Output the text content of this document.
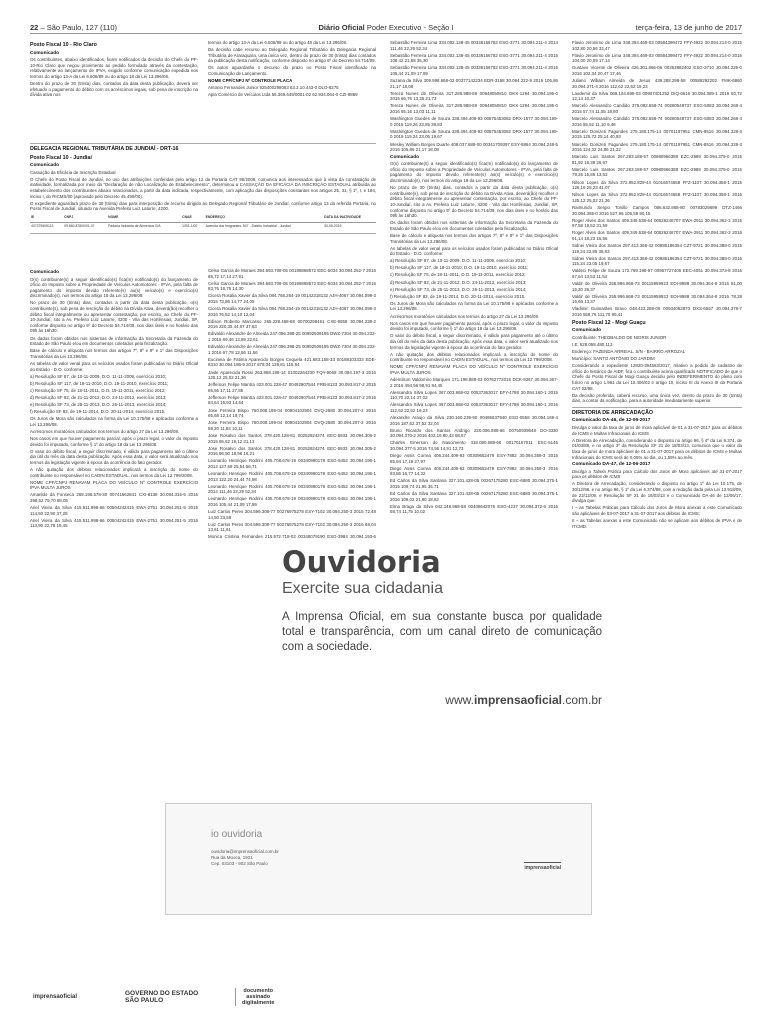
22 – São Paulo, 127 (110)	Diário Oficial Poder Executivo - Seção I	terça-feira, 13 de junho de 2017
Posto Fiscal 10 - Rio Claro
Comunicado

Os contribuintes, abaixo identificados, ficam notificados da decisão do Chefe do PF-10-Rio Claro que negou provimento ao pedido formulado através da contestação, relativamente ao lançamento de IPVA, exigido conforme comunicação expedida nos termos do artigo 13-A da Lei 6.606/89 ou do artigo 18 da Lei 13.296/08.

Dentro do prazo de 30 (trinta) dias, contados da data desta publicação, deverá ser efetuado o pagamento do débito com os acréscimos legais, sob pena de inscrição na dívida ativa nos

termos do artigo 13-A da Lei 6.606/89 ou do artigo 48 da Lei 13.296/08.

Da decisão cabe recurso ao Delegado Regional Tributário da Delegacia Regional Tributária de Araraquara, uma única vez, dentro do prazo de 30 (trinta) dias contados da publicação desta notificação, conforme disposto no artigo 6º do Decreto 54.714/09.

Os autos aguardarão o decurso do prazo no Posto Fiscal identificado na Comunicação de Lançamento.

NOME CPF/CNPJ Nº CONTROLE PLACA

Antonio Fernandes Junior 925400298063 63.2.10.443-0 DLO-8275

Apia Comércio de Veículos Ltda 56.369.649/0001-02 62.934.064-0 CZI-8869

DELEGACIA REGIONAL TRIBUTÁRIA DE JUNDIAÍ - DRT-16
Posto Fiscal 10 - Jundiaí
Comunicado

Cassação da Eficácia de Inscrição Estadual

O Chefe do Posto Fiscal de Jundiaí, no uso das atribuições conferidas pelo artigo 12 da Portaria CAT 95/2006, comunica aos interessados que à vista da constatação de inatividade, formalizada por meio da "Declaração de não Localização de Estabelecimento", determinou a CASSAÇÃO DA EFICÁCIA DA INSCRIÇÃO ESTADUAL atribuída ao estabelecimento dos contribuintes abaixo relacionados, a partir da data indicada, respectivamente, com aplicação das disposições constantes nos artigos 25, 31, § 1º, I, e 184, inciso I, do RICMS/00 (aprovado pelo Decreto 45.490/00).

O expediente aguardará prazo de 30 (trinta) dias para interposição de recurso dirigido ao Delegado Regional Tributário de Jundiaí, conforme artigo 13 da referida Portaria, no Posto Fiscal de Jundiaí, situado na Avenida Prefeito Luiz Latorre, 4200.

IE	CNPJ	NOME	CNAE	ENDEREÇO	DATA DA INATIVIDADE
407379505113	09.660.878/0001-07	Padaria Industria de Alimentos S/A	1091-1/02	Avenida dos Imigrantes, 547 - Distrito Industrial - Jundiaí	30-05-2016
Comunicado

O(s) contribuinte(s) a seguir identificado(s) fica(m) notificado(s) do lançamento de ofício do Imposto sobre a Propriedade de Veículos Automotores - IPVA, pela falta de pagamento do imposto devido referente(s) ao(s) veículo(s) e exercício(s) discriminado(s), nos termos do artigo 18 da Lei 13.296/08.

No prazo de 30 (trinta) dias, contados a partir da data desta publicação, o(s) contribuinte(s), sob pena de inscrição do débito na Dívida Ativa, deverá(ão) recolher o débito fiscal integralmente ou apresentar contestação, por escrito, ao Chefe do PF-10-Jundiaí, sito a Av. Prefeito Luiz Latorre, 4200 - Vila das Hortênsias, Jundiaí, SP, conforme disposto no artigo 5º do Decreto 54.714/09, nos dias úteis e no horário das 09h às 16h30.

Os dados foram obtidos nos sistemas de informação da Secretaria da Fazenda do Estado de São Paulo e/ou em documentos coletados pela fiscalização.

Base de cálculo e alíquota nos termos dos artigos 7º, 8º e 9º e 1º das Disposições Transitórias da Lei 13.296/08.

As tabelas de valor venal para os veículos usados foram publicadas no Diário Oficial do Estado - D.O. conforme:

a) Resolução SF 87, de 10-11-2009, D.O. 11-11-2009, exercício 2010;

b) Resolução SF 117, de 18-11-2010, D.O. 19-11-2010, exercício 2011;

c) Resolução SF 75, de 18-11-2011, D.O. 19-11-2011, exercício 2012;

d) Resolução SF 82, de 21-11-2012, D.O. 24-11-2012, exercício 2013;

e) Resolução SF 73, de 25-11-2013, D.O. 26-11-2013, exercício 2014;

f) Resolução SF 83, de 19-11-2014, D.O. 20-11-2014, exercício 2015.

Os Juros de Mora são calculados na forma da Lei 10.175/98 e aplicados conforme a Lei 13.296/08.

Acréscimos moratórios calculados nos termos do artigo 27 da Lei 13.296/08.

Nos casos em que houver pagamento parcial, após o prazo legal, o valor do imposto devido foi imputado, conforme § 1º do artigo 18 da Lei 13.296/08.

O valor do débito fiscal, a seguir discriminado, é válido para pagamento até o último dia útil do mês da data desta publicação. Após essa data, o valor será atualizado nos termos da legislação vigente à época da ocorrência do fato gerador.

A não quitação dos débitos relacionados implicará a inscrição do nome do contribuinte no responsável no CADIN ESTADUAL, nos termos da Lei 12.799/2008.

NOME CPF/CNPJ RENAVAM PLACA DO VEÍCULO Nº CONTROLE EXERCÍCIO IPVA MULTA JUROS

Amarildo da Fonseca 269.196.578-30 00741662841 CXI-8138 30.094.315-5 2016 398,52 79,70 68,05

Ariel Vieira da Silva 415.511.998-66 00504242415 EWA-2751 30.094.251-5 2015 114,50 22,90 37,28

Ariel Vieira da Silva 415.511.998-66 00504242415 EWA-2751 30.094.251-5 2016 113,90 22,78 19,45

Celso Garcia de Moraes 394.693.708-05 00198868572 EEC-5034 30.094.252-7 2015 85,72 17,14 27,91

Celso Garcia de Moraes 394.693.708-05 00198868572 EEC-5034 30.094.252-7 2016 83,76 16,75 14,30

Cicera Rosalia Xavier da Silva 084.768.264-19 00142318132 AJH-4067 30.094.099-3 2015 73,86 14,77 24,05

Cicera Rosalia Xavier da Silva 084.768.264-19 00142318132 AJH-4067 30.094.099-3 2016 76,52 14,10 12,04

Edison Roberto Marcasso 265.228.468-88 00700298461 CXE-9558 30.094.238-2 2016 220,35 44,07 37,63

Edivaldo Alexandre de Almeida 247.096.398-25 00992509195 DWZ-7304 30.094.232-1 2015 69,46 13,89 22,61

Edivaldo Alexandre de Almeida 247.096.398-25 00992509195 DWZ-7304 30.094.232-1 2016 67,78 13,56 11,56

Eucineia de Fatima Aparecido Borges Cequela 421.683.158-33 00188103333 EDE-8310 30.094.186-9 2017 679,04 135,81 115,94

Jaide Aparecida Rossi 263.868.188-14 01002264230 FQY-9069 30.094.197-3 2016 125,12 25,02 21,36

Jefferson Felipe Mantra 423.001.228-47 00492907544 FRB-8133 30.093.817-2 2015 85,56 17,11 27,85

Jefferson Felipe Mantra 423.001.228-47 00492907544 FRB-8133 30.093.817-2 2016 84,64 16,93 14,64

Jose Ferreira Bispo 760.008.199-04 00904102904 DVQ-2580 30.094.207-2 2015 65,68 12,14 19,74

Jose Ferreira Bispo 760.008.199-04 00904102904 DVQ-2580 30.094.207-2 2016 59,20 11,84 10,11

Jose Rosalvo dos Santos 378.420.128-81 00252924274 EEC-5933 30.094.305-2 2015 95,62 19,12 31,13

Jose Rosalvo dos Santos 378.420.128-81 00252924274 EEC-5933 30.094.305-2 2016 96,90 18,98 16,21

Leonardo Henrique Rodrini 405.708.678-19 00340990178 ESG-5452 30.094.196-1 2012 127,68 25,54 56,71

Leonardo Henrique Rodrini 405.708.678-19 00340990178 ESG-5452 30.094.196-1 2013 122,20 24,44 74,98

Leonardo Henrique Rodrini 405.708.678-19 00340990178 ESG-5452 30.094.196-1 2014 111,46 22,29 52,34

Leonardo Henrique Rodrini 405.708.678-19 00340990178 ESG-5452 30.094.196-1 2016 105,44 21,09 17,99

Luiz Carlos Peres 304.599.308-77 00276975278 ESY-7102 30.094.250-3 2015 72,48 14,50 23,58

Luiz Carlos Peres 304.599.308-77 00276975278 ESY-7102 30.094.250-3 2016 68,04 13,61 11,61

Monica Cristina Fernandes 215.972.718-02 00348079190 ESG-3984 30.094.193-6

Sebastião Ferreira Lima 334.002.138-45 00336156782 ESG-3771 30.094.211-4 2014 111,46 22,29 52,34

Sebastião Ferreira Lima 334.002.138-45 00336156782 ESG-3771 30.094.211-4 2015 108,42 21,68 35,30

Sebastião Ferreira Lima 334.002.138-45 00336156782 ESG-3771 30.094.211-4 2016 105,44 21,09 17,99

Suzana da Silva 309.998.668-02 00377142234 EDR-3158 30.094.222-9 2016 105,86 21,17 18,08

Tereza Nunes de Oliveira 317.285.988-69 00948050810 DKX-1294 30.094.195-0 2015 66,76 13,35 21,73

Tereza Nunes de Oliveira 317.285.988-69 00948050810 DKX-1294 30.094.195-0 2016 65,16 13,03 11,11

Washington Guedes de Souza 338.494.408-93 00875453082 DRX-1577 30.094.199-0 2015 119,26 23,85 38,83

Washington Guedes de Souza 338.494.408-93 00875453082 DRX-1577 30.094.199-0 2016 115,24 23,05 19,67

Wesley William Borges Duarte 408.037.688-00 00341709397 ESY-8864 30.094.248-5 2016 105,86 21,17 18,08

Comunicado

O(s) contribuinte(s) a seguir identificado(s) fica(m) notificado(s) do lançamento de ofício do Imposto sobre a Propriedade de Veículos Automotores - IPVA, pela falta de pagamento do imposto devido referente(s) ao(s) veículo(s) e exercício(s) discriminado(s), nos termos do artigo 18 da Lei 13.296/08.

No prazo de 30 (trinta) dias, contados a partir da data desta publicação, o(s) contribuinte(s), sob pena de inscrição do débito na Dívida Ativa, deverá(ão) recolher o débito fiscal integralmente ou apresentar contestação, por escrito, ao Chefe do PF-10-Jundiaí, sito a Av. Prefeito Luiz Latorre, 4200 - Vila das Hortênsias, Jundiaí, SP, conforme disposto no artigo 5º do Decreto 54.714/09, nos dias úteis e no horário das 09h às 16h30.

Os dados foram obtidos nos sistemas de informação da Secretaria da Fazenda do Estado de São Paulo e/ou em documentos coletados pela fiscalização.

Base de cálculo e alíquota nos termos dos artigos 7º, 8º e 9º e 1º das Disposições Transitórias da Lei 13.296/08.

As tabelas de valor venal para os veículos usados foram publicadas no Diário Oficial do Estado - D.O. conforme:

a) Resolução SF 87, de 10-11-2009, D.O. 11-11-2009, exercício 2010;

b) Resolução SF 117, de 18-11-2010, D.O. 19-11-2010, exercício 2011;

c) Resolução SF 75, de 18-11-2011, D.O. 19-11-2011, exercício 2012;

d) Resolução SF 82, de 21-11-2012, D.O. 24-11-2012, exercício 2013;

e) Resolução SF 73, de 25-11-2013, D.O. 26-11-2013, exercício 2014;

f) Resolução SF 83, de 19-11-2014, D.O. 20-11-2014, exercício 2015.

Os Juros de Mora são calculados na forma da Lei 10.175/98 e aplicados conforme a Lei 13.296/08.

Acréscimos moratórios calculados nos termos do artigo 27 da Lei 13.296/08.

Nos casos em que houver pagamento parcial, após o prazo legal, o valor do imposto devido foi imputado, conforme § 1º do artigo 18 da Lei 13.296/08.

O valor do débito fiscal, a seguir discriminado, é válido para pagamento até o último dia útil do mês da data desta publicação. Após essa data, o valor será atualizado nos termos da legislação vigente à época da ocorrência do fato gerador.

A não quitação dos débitos relacionados implicará a inscrição do nome do contribuinte no responsável no CADIN ESTADUAL, nos termos da Lei 12.799/2008.

NOME CPF/CNPJ RENAVAM PLACA DO VEÍCULO Nº CONTROLE EXERCÍCIO IPVA MULTA JUROS

Ademilson Valdomiro Marques 171.198.888-03 00762772018 DCK-9367 30.094.367-2 2016 494,56 98,91 84,45

Alessandra Silva Lopes 367.003.868-02 00537363017 EFY-4788 30.094.160-1 2015 110,70 22,14 37,02

Alessandra Silva Lopes 367.003.868-02 00537363017 EFY-4788 30.094.160-1 2016 112,62 22,52 19,23

Alexandre Araujo da Silva 230.160.239-90 00486637940 ESG-0556 30.094.169-4 2016 187,62 37,52 32,04

Bruno Ricardo dos Santos Andrigo 220.096.988-66 00750939648 DO-3330 30.094.370-2 2016 402,16 80,43 68,67

Charles Emerson do Nascimento 418.080.688-66 00170167011 ESC-5146 30.094.377-5 2016 74,56 14,91 12,73

Diego Assis Correa 406.244.409-93 00309652479 ESY-7882 30.094.359-3 2015 85,94 17,19 27,97

Diego Assis Correa 406.244.409-93 00309652479 ESY-7882 30.094.359-3 2016 83,86 16,77 14,32

Ed Carlos da Silva Santana 327.101.428-05 00267175280 ESC-6880 30.094.375-1 2015 109,74 21,95 35,71

Ed Carlos da Silva Santana 327.101.428-05 00267175280 ESC-6880 30.094.375-1 2016 109,02 21,80 18,62

Elma Braga da Silva 042.148.968-58 00408642076 ESG-4237 30.094.372-6 2016 58,74 11,75 10,02

Flavio Jeronimo de Lima 348.394.469-03 00584399472 FFY-4922 30.094.214-0 2015 102,80 20,56 33,47

Flavio Jeronimo de Lima 348.394.469-03 00584399472 FFY-4922 30.094.214-0 2016 104,00 20,09 17,14

Gustavo Vicente de Oliveira 426.301.866-06 00353882402 ESG-3710 30.094.226-0 2016 102,34 20,47 17,46

Juliano William Almeida de Jesus 439.288.298-58 00589292202 FMK-6860 30.094.371-4 2016 112,62 22,52 19,23

Laudemir da Silva 068.164.699-03 00907401252 DIQ-6616 30.094.389-1 2016 60,72 12,14 10,37

Marcelo Alessandro Candido 375.082.658-74 00280548737 ESG-5083 30.094.268-4 2015 57,74 11,55 18,80

Marcelo Alessandro Candido 375.082.658-74 00280548737 ESG-5083 30.094.268-4 2016 55,52 11,10 9,48

Marcelo Donizeti Fagundes 275.180.175-14 00701197951 CMN-8516 30.094.328-3 2015 125,72 25,14 40,93

Marcelo Donizeti Fagundes 275.180.175-14 00701197951 CMN-8516 30.094.328-3 2016 124,32 24,86 21,22

Marcelo Luis Santos 267.283.188-57 00980966388 EZC-2989 30.094.379-0 2015 81,92 16,38 26,67

Marcelo Luis Santos 267.283.188-57 00980966388 EZC-2989 30.094.379-0 2016 79,26 15,85 13,53

Nilson Lopes da Silva 372.952.829-44 01016574658 FFZ-1107 30.094.358-1 2015 126,16 25,23 41,07

Nilson Lopes da Silva 372.952.829-44 01016574658 FFZ-1107 30.094.358-1 2016 125,12 25,02 21,36

Raimundo Sergio Tonillo Campos 086.632.868-80 00783029699 DTZ-1466 30.094.365-0 2016 527,96 105,59 90,15

Roger Alves dos Santos 409.349.538-64 00526246707 EWA-2911 30.094.362-3 2015 97,58 19,52 31,59

Roger Alves dos Santos 409.349.538-64 00526246707 EWA-2911 30.094.362-3 2016 91,14 18,23 15,56

Sidnei Vieira dos Santos 297.413.368-42 00885186354 CZT-9721 30.094.388-0 2015 119,24 23,85 38,83

Sidnei Vieira dos Santos 297.413.368-42 00885186354 CZT-9721 30.094.388-0 2016 115,24 23,05 19,67

Valdeci Felipe de Souza 172.769.198-97 00967727405 EEC-4051 30.094.373-8 2016 67,64 13,53 11,54

Valdir de Oliveira 255.996.868-73 00115959923 EOI-9988 30.094.364-8 2015 81,00 16,20 26,37

Valdir de Oliveira 255.996.868-73 00115959923 EOI-9988 30.094.364-8 2016 78,28 15,66 13,37

Vladimir Guimarães Bravo 048.422.288-06 00934062870 DXS-6557 30.094.378-7 2016 558,76 111,75 95,41

Posto Fiscal 12 - Mogi Guaçu
Comunicado

Contribuinte: THEOBALDO DE NIGRIS JUNIOR

I.E: 628.058.480.113

Endereço: FAZENDA ARREIAL, S/N - BAIRRO ARROZAL

Município: SANTO ANTÔNIO DO JARDIM

Considerando o expediente 12820-394563/2017, relativo a pedido de cadastro de ofício do histórico de AIDF, fica o contribuinte acima qualificado NOTIFICADO de que o Chefe do Posto Fiscal de Mogi Guaçu decidiu pelo INDEFERIMENTO do pleito com fulcro no artigo 1.961 da Lei 10.406/02 e artigo 10, inciso III do Anexo III da Portaria CAT 02/98.

Da decisão proferida, caberá recurso, uma única vez, dentro do prazo de 30 (trinta) dias, a contar da notificação, para a autoridade imediatamente superior.

DIRETORIA DE ARRECADAÇÃO
Comunicado DA-46, de 12-06-2017

Divulga o valor da taxa de juros de mora aplicável de 01 a 31-07-2017 para os débitos de ICMS e Multas Infracionais do ICMS

A Diretora de Arrecadação, considerando o disposto no artigo 96, § 4º da Lei 6.374, de 01/03/89, e no artigo 3º da Resolução SF 21 de 18/03/13, comunica que o valor da taxa de juros de mora aplicável de 01 a 31-07-2017 para os débitos de ICMS e Multas Infracionais do ICMS será de 0,05% ao dia, ou 1,55% ao mês.

Comunicado DA-47, de 12-06-2017

Divulga a Tabela Prática para Cálculo dos Juros de Mora aplicáveis até 31-07-2017 para os débitos de ICMS

A Diretora de Arrecadação, considerando o disposto no artigo 1º da Lei 10.175, de 30/12/98, e no artigo 96, § 1º da Lei 6.374/89, com a redação dada pela Lei 13.918/09, de 22/12/09, e Resolução SF 21 de 18/03/13 e o Comunicado DA-46 de 12/06/17, divulga que:

I – as Tabelas Práticas para Cálculo dos Juros de Mora anexas a este Comunicado são aplicáveis de 03-07-2017 a 31-07-2017 aos débitos de ICMS;

II – as Tabelas anexas a este Comunicado não se aplicam aos débitos de IPVA e de ITCMD.

Ouvidoria
Exercite sua cidadania
A Imprensa Oficial, em sua constante busca por qualidade total e transparência, com um canal direto de comunicação com a sociedade.
www.imprensaoficial.com.br
io ouvidoria
ouvidoria@imprensaoficial.com.br
Rua da Mooca, 1921
Cep. 03103 - 902 São Paulo
imprensaoficial
imprensaoficial	GOVERNO DO ESTADO
SÃO PAULO
documento
assinado
digitalmente
